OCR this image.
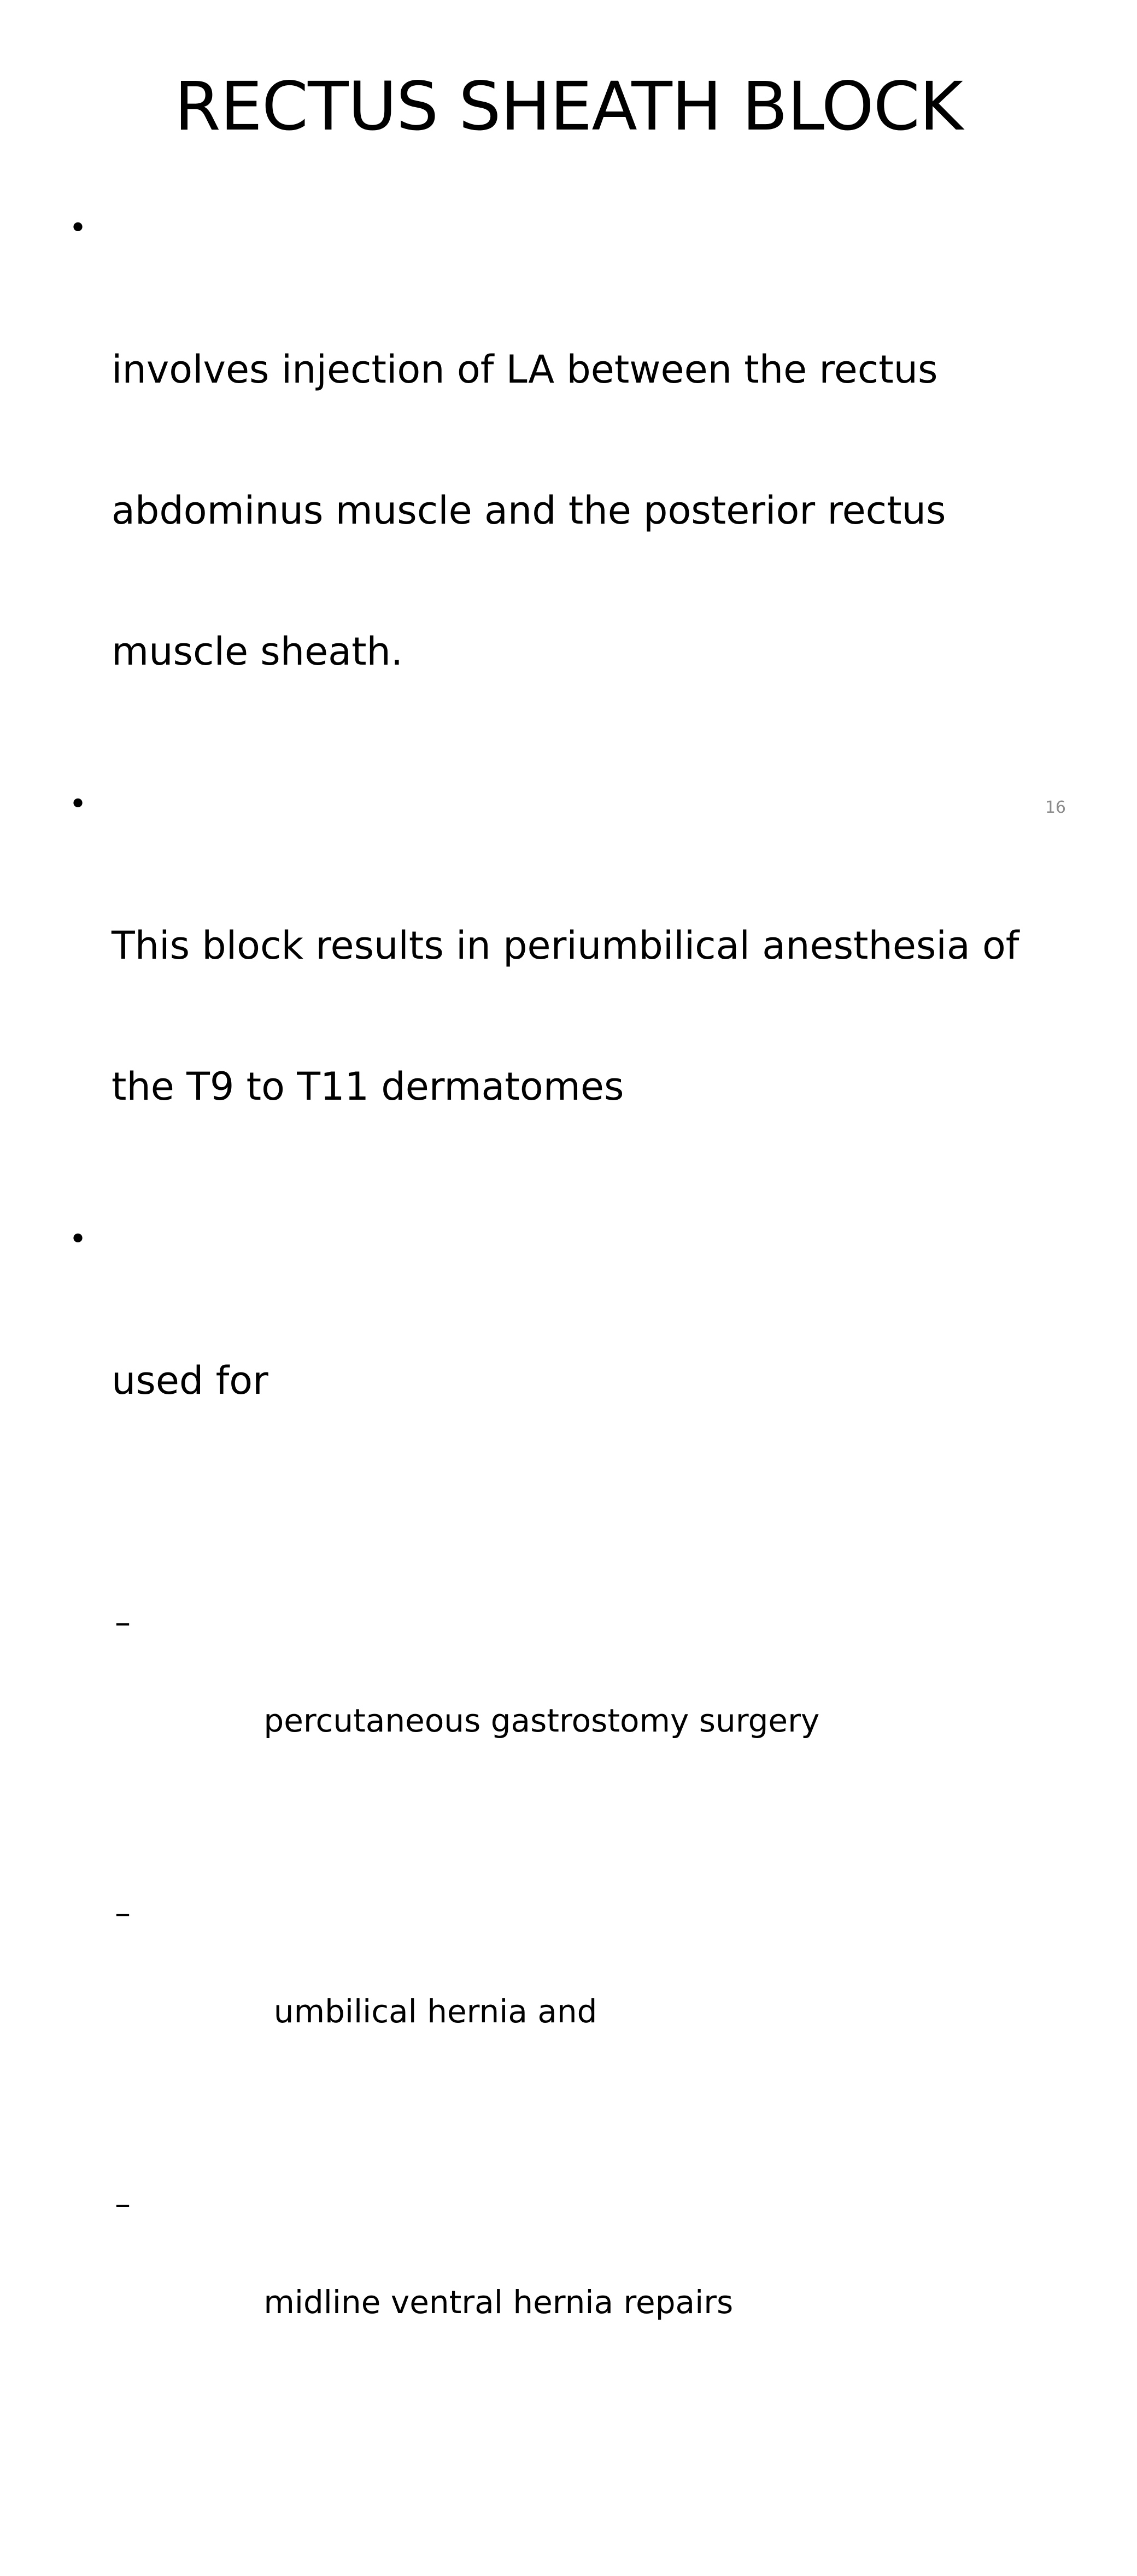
RECTUS SHEATH BLOCK

•

involves injection of LA between the rectus

abdominus muscle and the posterior rectus

muscle sheath.

•

This block results in periumbilical anesthesia of

the T9 to T11 dermatomes

•

used for

–

percutaneous gastrostomy surgery

–

umbilical hernia and

–

midline ventral hernia repairs

16
